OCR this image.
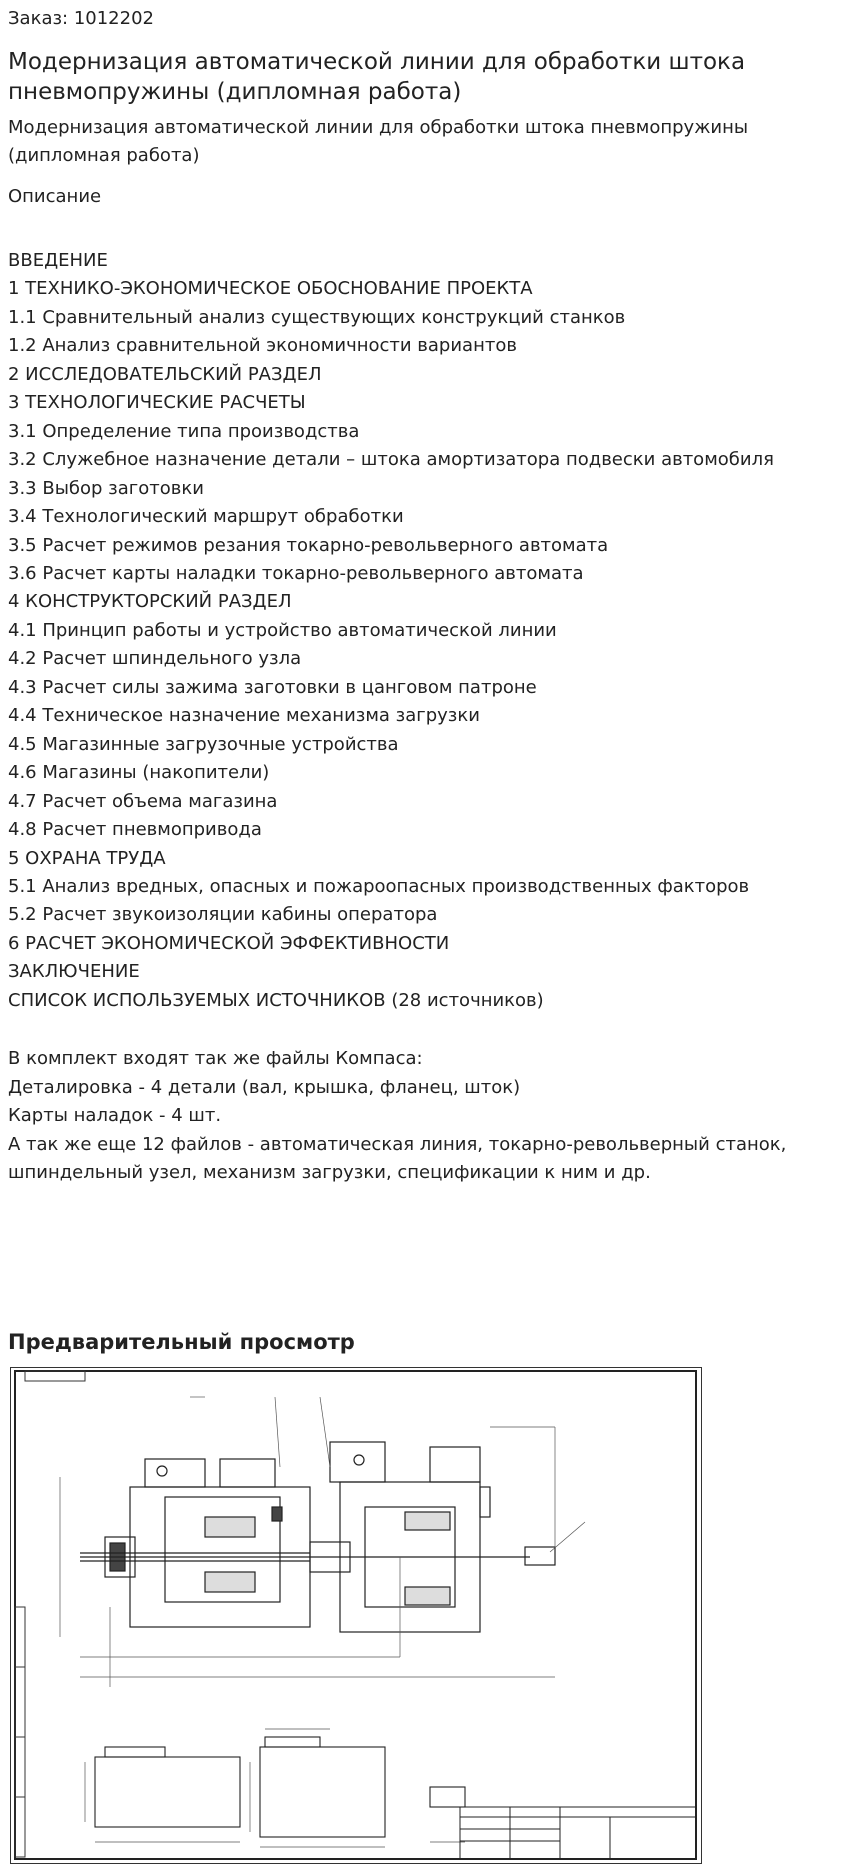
Заказ: 1012202
Модернизация автоматической линии для обработки штока пневмопружины (дипломная работа)
Модернизация автоматической линии для обработки штока пневмопружины (дипломная работа)
Описание
ВВЕДЕНИЕ
1 ТЕХНИКО-ЭКОНОМИЧЕСКОЕ ОБОСНОВАНИЕ ПРОЕКТА
1.1 Сравнительный анализ существующих конструкций станков
1.2 Анализ сравнительной экономичности вариантов
2 ИССЛЕДОВАТЕЛЬСКИЙ РАЗДЕЛ
3 ТЕХНОЛОГИЧЕСКИЕ РАСЧЕТЫ
3.1 Определение типа производства
3.2 Служебное назначение детали – штока амортизатора подвески автомобиля
3.3 Выбор заготовки
3.4 Технологический маршрут обработки
3.5 Расчет режимов резания токарно-револьверного автомата
3.6 Расчет карты наладки токарно-револьверного автомата
4 КОНСТРУКТОРСКИЙ РАЗДЕЛ
4.1 Принцип работы и устройство автоматической линии
4.2 Расчет шпиндельного узла
4.3 Расчет силы зажима заготовки в цанговом патроне
4.4 Техническое назначение механизма загрузки
4.5 Магазинные загрузочные устройства
4.6 Магазины (накопители)
4.7 Расчет объема магазина
4.8 Расчет пневмопривода
5 ОХРАНА ТРУДА
5.1 Анализ вредных, опасных и пожароопасных производственных факторов
5.2 Расчет звукоизоляции кабины оператора
6 РАСЧЕТ ЭКОНОМИЧЕСКОЙ ЭФФЕКТИВНОСТИ
ЗАКЛЮЧЕНИЕ
СПИСОК ИСПОЛЬЗУЕМЫХ ИСТОЧНИКОВ (28 источников)
В комплект входят так же файлы Компаса:
Деталировка - 4 детали (вал, крышка, фланец, шток)
Карты наладок - 4 шт.
А так же еще 12 файлов - автоматическая линия, токарно-револьверный станок,
шпиндельный узел, механизм загрузки, спецификации к ним и др.
Предварительный просмотр
